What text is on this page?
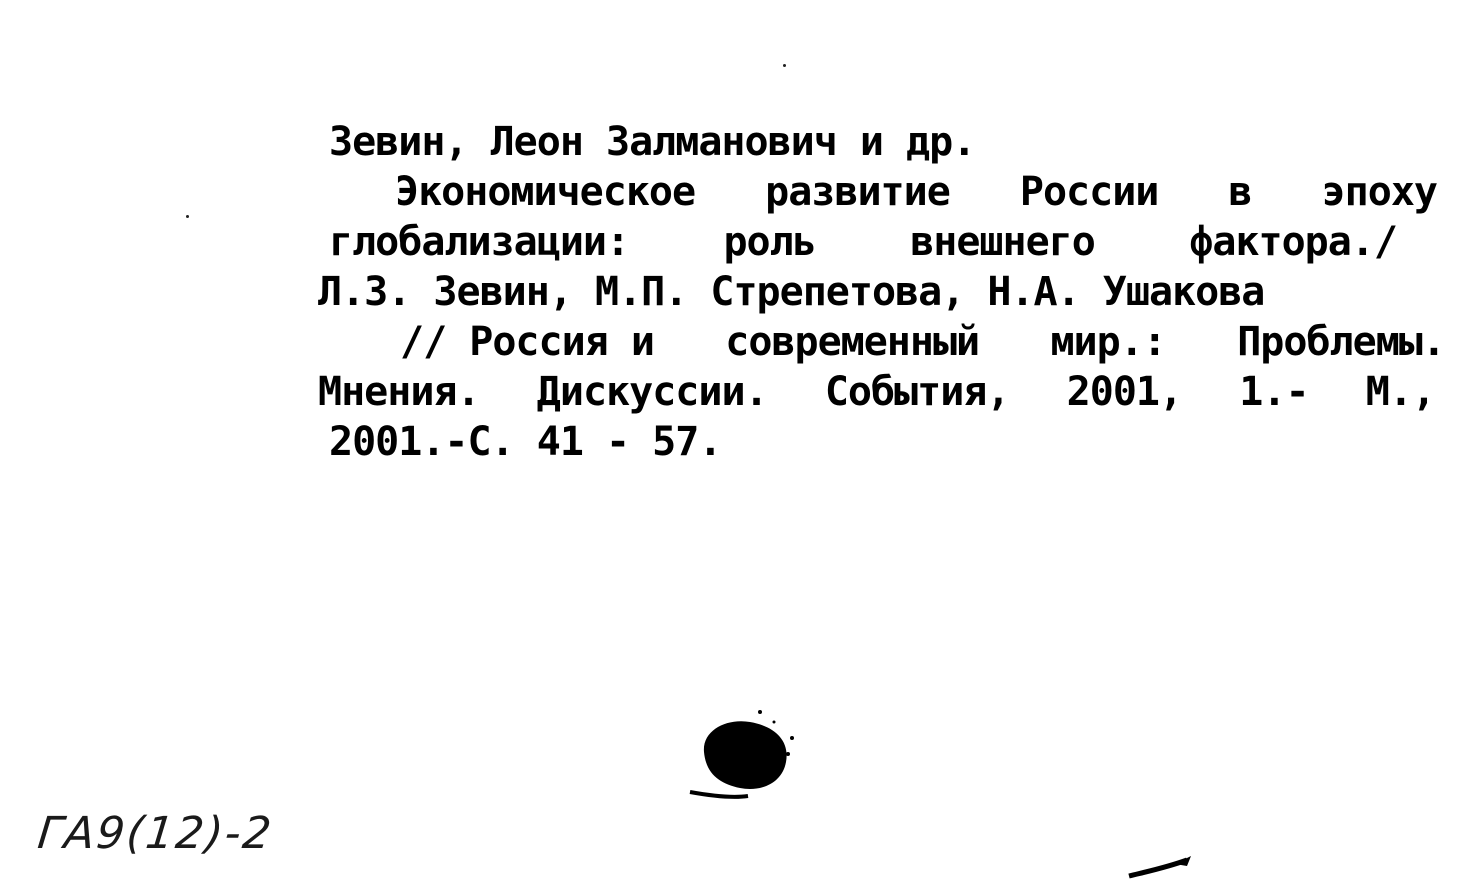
Зевин, Леон Залманович и др.
Экономическое развитие России в эпоху
глобализации: роль внешнего фактора./
Л.З. Зевин, М.П. Стрепетова, Н.А. Ушакова
// Россия и современный мир.: Проблемы.
Мнения. Дискуссии. События, 2001, 1.- М.,
2001.-С. 41 - 57.
ГА9(12)-2
